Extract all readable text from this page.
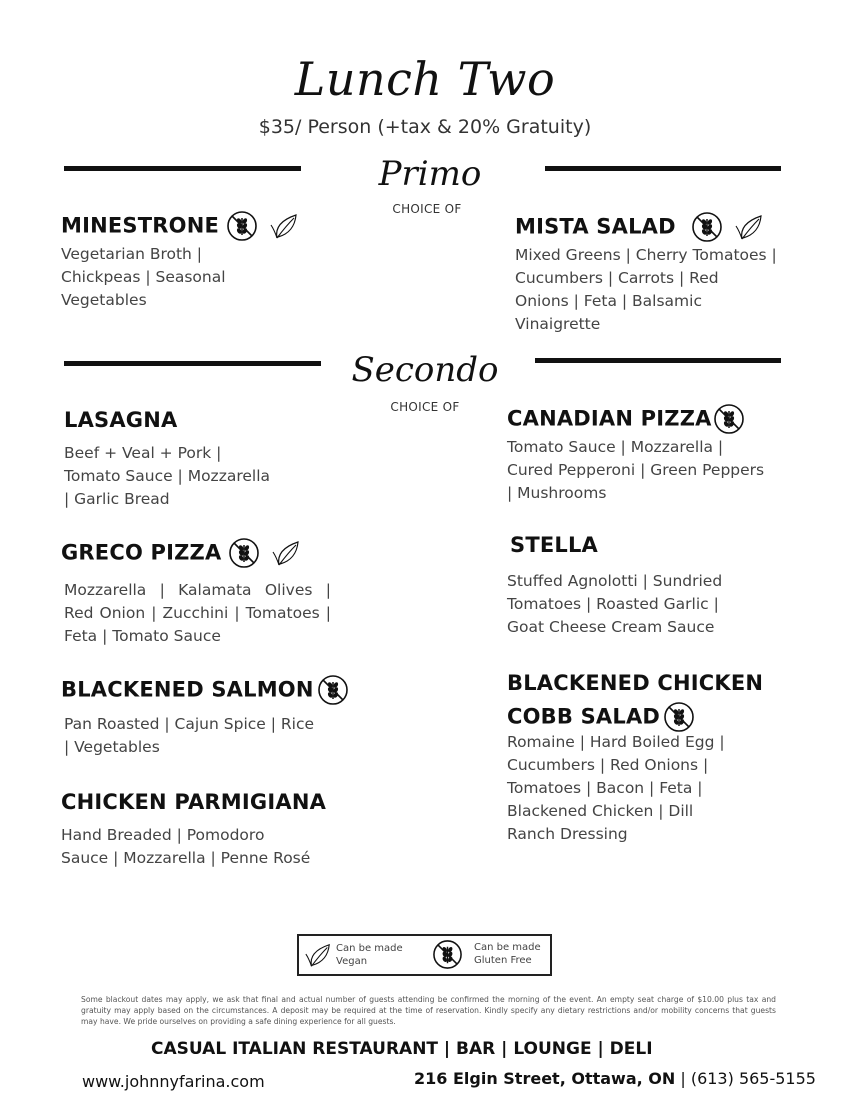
Lunch Two
$35/ Person (+tax & 20% Gratuity)
Primo
CHOICE OF
MINESTRONE
Vegetarian Broth | Chickpeas | Seasonal Vegetables
MISTA SALAD
Mixed Greens | Cherry Tomatoes | Cucumbers | Carrots | Red Onions | Feta | Balsamic Vinaigrette
Secondo
CHOICE OF
LASAGNA
Beef + Veal + Pork | Tomato Sauce | Mozzarella | Garlic Bread
GRECO PIZZA
Mozzarella | Kalamata Olives | Red Onion | Zucchini | Tomatoes | Feta | Tomato Sauce
BLACKENED SALMON
Pan Roasted | Cajun Spice | Rice | Vegetables
CHICKEN PARMIGIANA
Hand Breaded | Pomodoro Sauce | Mozzarella | Penne Rosé
CANADIAN PIZZA
Tomato Sauce | Mozzarella | Cured Pepperoni | Green Peppers | Mushrooms
STELLA
Stuffed Agnolotti | Sundried Tomatoes | Roasted Garlic | Goat Cheese Cream Sauce
BLACKENED CHICKEN
COBB SALAD
Romaine | Hard Boiled Egg | Cucumbers | Red Onions | Tomatoes | Bacon | Feta | Blackened Chicken | Dill Ranch Dressing
Can be made
Vegan
Can be made
Gluten Free
Some blackout dates may apply, we ask that final and actual number of guests attending be confirmed the morning of the event. An empty seat charge of $10.00 plus tax and gratuity may apply based on the circumstances. A deposit may be required at the time of reservation. Kindly specify any dietary restrictions and/or mobility concerns that guests may have. We pride ourselves on providing a safe dining experience for all guests.
CASUAL ITALIAN RESTAURANT | BAR | LOUNGE | DELI
www.johnnyfarina.com	216 Elgin Street, Ottawa, ON | (613) 565-5155
